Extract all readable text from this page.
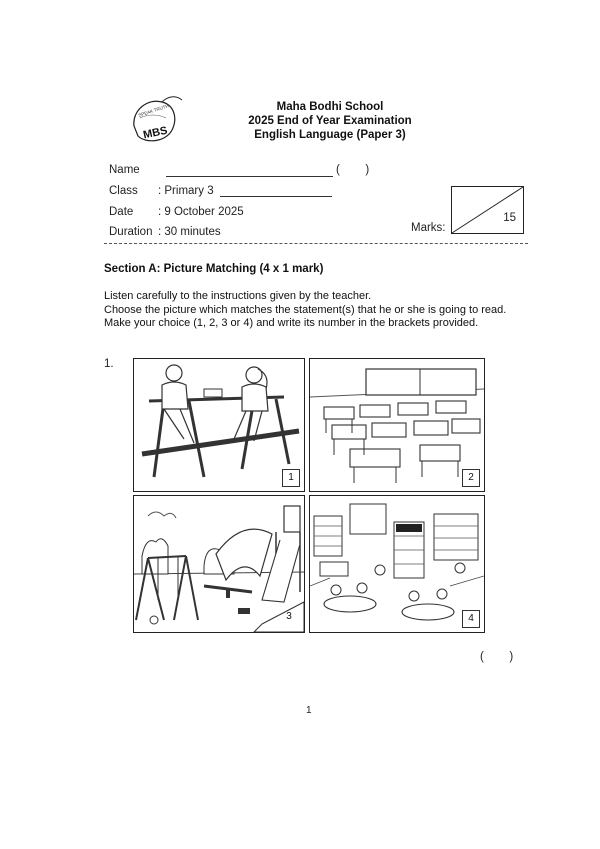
MBS
SPEAK TRUTH	Maha Bodhi School
2025 End of Year Examination
English Language (Paper 3)
Name	(        )
Class : Primary 3
Date : 9 October 2025
Duration : 30 minutes	Marks:
15
Section A: Picture Matching (4 x 1 mark)
Listen carefully to the instructions given by the teacher.
Choose the picture which matches the statement(s) that he or she is going to read. Make your choice (1, 2, 3 or 4) and write its number in the brackets provided.
1.
1	2
3	4
(        )
1
